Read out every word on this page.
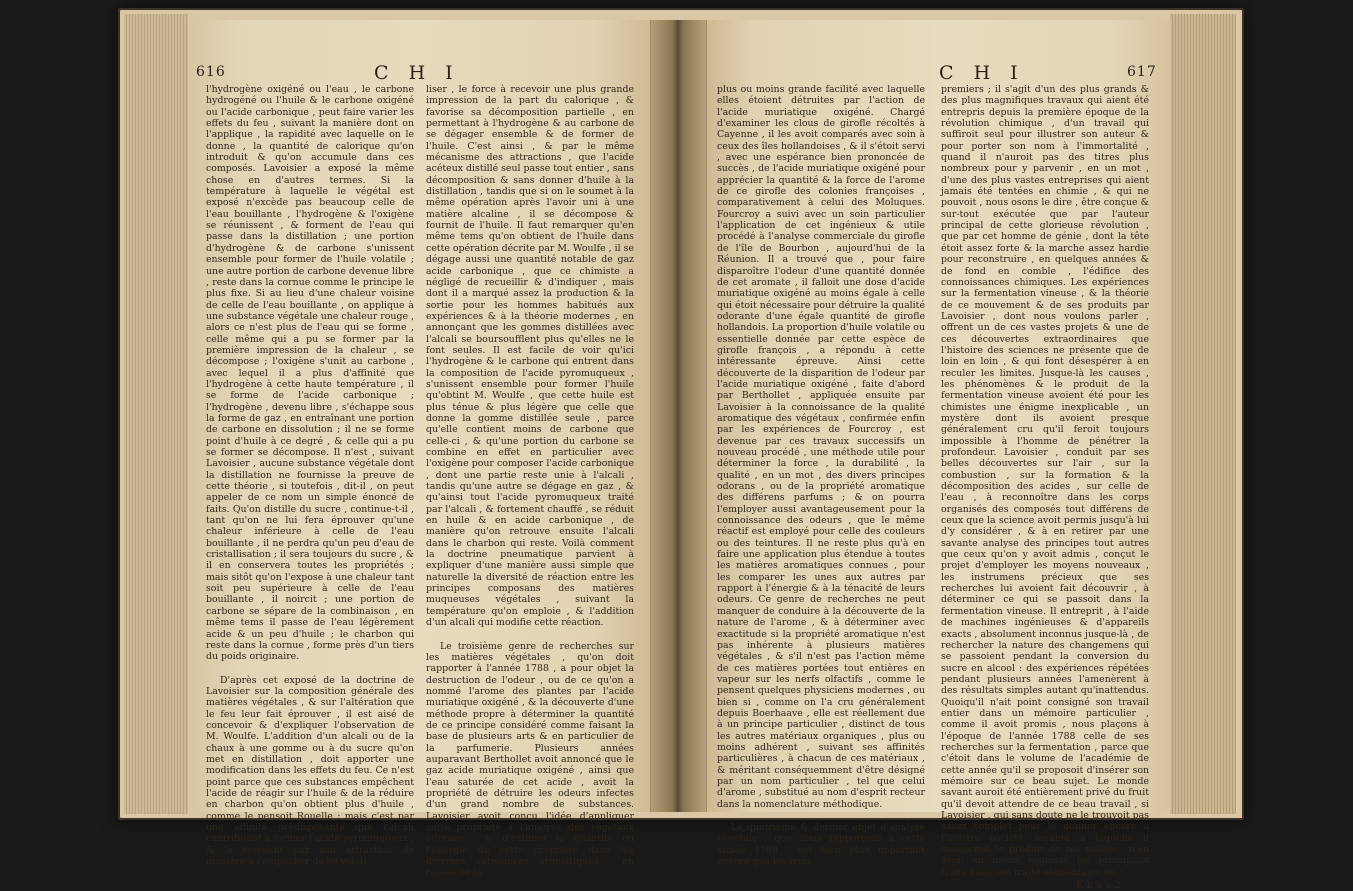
616	C H I

l'hydrogène oxigéné ou l'eau , le carbone hydrogéné ou l'huile & le carbone oxigéné ou l'acide carbonique , peut faire varier les effets du feu , suivant la manière dont on l'applique , la rapidité avec laquelle on le donne , la quantité de calorique qu'on introduit & qu'on accumule dans ces composés. Lavoisier a exposé la même chose en d'autres termes. Si la température à laquelle le végétal est exposé n'excède pas beaucoup celle de l'eau bouillante , l'hydrogène & l'oxigène se réunissent , & forment de l'eau qui passe dans la distillation ; une portion d'hydrogène & de carbone s'unissent ensemble pour former de l'huile volatile ; une autre portion de carbone devenue libre , reste dans la cornue comme le principe le plus fixe. Si au lieu d'une chaleur voisine de celle de l'eau bouillante , on applique à une substance végétale une chaleur rouge , alors ce n'est plus de l'eau qui se forme , celle même qui a pu se former par la première impression de la chaleur , se décompose ; l'oxigène s'unit au carbone , avec lequel il a plus d'affinité que l'hydrogène à cette haute température , il se forme de l'acide carbonique ; l'hydrogène , devenu libre , s'échappe sous la forme de gaz , en entraînant une portion de carbone en dissolution ; il ne se forme point d'huile à ce degré , & celle qui a pu se former se décompose. Il n'est , suivant Lavoisier , aucune substance végétale dont la distillation ne fournisse la preuve de cette théorie , si toutefois , dit-il , on peut appeler de ce nom un simple énoncé de faits. Qu'on distille du sucre , continue-t-il , tant qu'on ne lui fera éprouver qu'une chaleur inférieure à celle de l'eau bouillante , il ne perdra qu'un peu d'eau de cristallisation ; il sera toujours du sucre , & il en conservera toutes les propriétés ; mais sitôt qu'on l'expose à une chaleur tant soit peu supérieure à celle de l'eau bouillante , il noircit ; une portion de carbone se sépare de la combinaison , en même tems il passe de l'eau légèrement acide & un peu d'huile ; le charbon qui reste dans la cornue , forme près d'un tiers du poids originaire.

D'après cet exposé de la doctrine de Lavoisier sur la composition générale des matières végétales , & sur l'altération que le feu leur fait éprouver , il est aisé de concevoir & d'expliquer l'observation de M. Woulfe. L'addition d'un alcali ou de la chaux à une gomme ou à du sucre qu'on met en distillation , doit apporter une modification dans les effets du feu. Ce n'est point parce que ces substances empêchent l'acide de réagir sur l'huile & de la réduire en charbon qu'on obtient plus d'huile , comme le pensoit Rouelle ; mais c'est par une affinité prédisposante que l'alcali contribuant à former l'acide pyromuqueux , & le retenant par son attraction de manière à l'empêcher de se volati-

liser , le force à recevoir une plus grande impression de la part du calorique , & favorise sa décomposition partielle , en permettant à l'hydrogène & au carbone de se dégager ensemble & de former de l'huile. C'est ainsi , & par le même mécanisme des attractions , que l'acide acéteux distillé seul passe tout entier , sans décomposition & sans donner d'huile à la distillation , tandis que si on le soumet à la même opération après l'avoir uni à une matière alcaline , il se décompose & fournit de l'huile. Il faut remarquer qu'en même tems qu'on obtient de l'huile dans cette opération décrite par M. Woulfe , il se dégage aussi une quantité notable de gaz acide carbonique , que ce chimiste a négligé de recueillir & d'indiquer , mais dont il a marqué assez la production & la sortie pour les hommes habitués aux expériences & à la théorie modernes , en annonçant que les gommes distillées avec l'alcali se boursoufflent plus qu'elles ne le font seules. Il est facile de voir qu'ici l'hydrogène & le carbone qui entrent dans la composition de l'acide pyromuqueux , s'unissent ensemble pour former l'huile qu'obtint M. Woulfe , que cette huile est plus ténue & plus légère que celle que donne la gomme distillée seule , parce qu'elle contient moins de carbone que celle-ci , & qu'une portion du carbone se combine en effet en particulier avec l'oxigène pour composer l'acide carbonique , dont une partie reste unie à l'alcali , tandis qu'une autre se dégage en gaz , & qu'ainsi tout l'acide pyromuqueux traité par l'alcali , & fortement chauffé , se réduit en huile & en acide carbonique , de manière qu'on retrouve ensuite l'alcali dans le charbon qui reste. Voilà comment la doctrine pneumatique parvient à expliquer d'une manière aussi simple que naturelle la diversité de réaction entre les principes composans des matières muqueuses végétales , suivant la température qu'on emploie , & l'addition d'un alcali qui modifie cette réaction.

Le troisième genre de recherches sur les matières végétales , qu'on doit rapporter à l'année 1788 , a pour objet la destruction de l'odeur , ou de ce qu'on a nommé l'arome des plantes par l'acide muriatique oxigéné , & la découverte d'une méthode propre à déterminer la quantité de ce principe considéré comme faisant la base de plusieurs arts & en particulier de la parfumerie. Plusieurs années auparavant Berthollet avoit annoncé que le gaz acide muriatique oxigéné , ainsi que l'eau saturée de cet acide , avoit la propriété de détruire les odeurs infectes d'un grand nombre de substances. Lavoisier avoit conçu l'idée d'appliquer cette propriété à l'analyse des végétaux odorans , & d'estimer la quantité ou l'énergie de cette propriété dans les diverses substances aromatiques , en raison de la

C H I	617

plus ou moins grande facilité avec laquelle elles étoient détruites par l'action de l'acide muriatique oxigéné. Chargé d'examiner les clous de girofle récoltés à Cayenne , il les avoit comparés avec soin à ceux des îles hollandoises , & il s'étoit servi , avec une espérance bien prononcée de succès , de l'acide muriatique oxigéné pour apprécier la quantité & la force de l'arome de ce girofle des colonies françoises , comparativement à celui des Moluques. Fourcroy a suivi avec un soin particulier l'application de cet ingénieux & utile procédé à l'analyse commerciale du girofle de l'île de Bourbon , aujourd'hui de la Réunion. Il a trouvé que , pour faire disparoître l'odeur d'une quantité donnée de cet aromate , il falloit une dose d'acide muriatique oxigéné au moins égale à celle qui étoit nécessaire pour détruire la qualité odorante d'une égale quantité de girofle hollandois. La proportion d'huile volatile ou essentielle donnée par cette espèce de girofle françois , a répondu à cette intéressante épreuve. Ainsi cette découverte de la disparition de l'odeur par l'acide muriatique oxigéné , faite d'abord par Berthollet , appliquée ensuite par Lavoisier à la connoissance de la qualité aromatique des végétaux , confirmée enfin par les expériences de Fourcroy , est devenue par ces travaux successifs un nouveau procédé , une méthode utile pour déterminer la force , la durabilité , la qualité , en un mot , des divers principes odorans , ou de la propriété aromatique des différens parfums ; & on pourra l'employer aussi avantageusement pour la connoissance des odeurs , que le même réactif est employé pour celle des couleurs ou des teintures. Il ne reste plus qu'à en faire une application plus étendue à toutes les matières aromatiques connues , pour les comparer les unes aux autres par rapport à l'énergie & à la ténacité de leurs odeurs. Ce genre de recherches ne peut manquer de conduire à la découverte de la nature de l'arome , & à déterminer avec exactitude si la propriété aromatique n'est pas inhérente à plusieurs matières végétales , & s'il n'est pas l'action même de ces matières portées tout entières en vapeur sur les nerfs olfactifs , comme le pensent quelques physiciens modernes , ou bien si , comme on l'a cru généralement depuis Boerhaave , elle est réellement due à un principe particulier , distinct de tous les autres matériaux organiques , plus ou moins adhérent , suivant ses affinités particulières , à chacun de ces matériaux , & méritant conséquemment d'être désigné par un nom particulier , tel que celui d'arome , substitué au nom d'esprit recteur dans la nomenclature méthodique.

Le quatrième & dernier objet d'analyse végétale , que nous rapportons à cette année 1788 , est bien plus important encore que les trois

premiers ; il s'agit d'un des plus grands & des plus magnifiques travaux qui aient été entrepris depuis la première époque de la révolution chimique , d'un travail qui suffiroit seul pour illustrer son auteur & pour porter son nom à l'immortalité , quand il n'auroit pas des titres plus nombreux pour y parvenir , en un mot , d'une des plus vastes entreprises qui aient jamais été tentées en chimie , & qui ne pouvoit , nous osons le dire , être conçue & sur-tout exécutée que par l'auteur principal de cette glorieuse révolution , que par cet homme de génie , dont la tête étoit assez forte & la marche assez hardie pour reconstruire , en quelques années & de fond en comble , l'édifice des connoissances chimiques. Les expériences sur la fermentation vineuse , & la théorie de ce mouvement & de ses produits par Lavoisier , dont nous voulons parler , offrent un de ces vastes projets & une de ces découvertes extraordinaires que l'histoire des sciences ne présente que de loin en loin , & qui font désespérer à en reculer les limites. Jusque-là les causes , les phénomènes & le produit de la fermentation vineuse avoient été pour les chimistes une énigme inexplicable , un mystère dont ils avoient presque généralement cru qu'il feroit toujours impossible à l'homme de pénétrer la profondeur. Lavoisier , conduit par ses belles découvertes sur l'air , sur la combustion , sur la formation & la décomposition des acides , sur celle de l'eau , à reconnoître dans les corps organisés des composés tout différens de ceux que la science avoit permis jusqu'à lui d'y considérer , & à en retirer par une savante analyse des principes tout autres que ceux qu'on y avoit admis , conçut le projet d'employer les moyens nouveaux , les instrumens précieux que ses recherches lui avoient fait découvrir , à déterminer ce qui se passoit dans la fermentation vineuse. Il entreprit , à l'aide de machines ingénieuses & d'appareils exacts , absolument inconnus jusque-là , de rechercher la nature des changemens qui se passoient pendant la conversion du sucre en alcool : des expériences répétées pendant plusieurs années l'amenèrent à des résultats simples autant qu'inattendus. Quoiqu'il n'ait point consigné son travail entier dans un mémoire particulier , comme il avoit promis , nous plaçons à l'époque de l'année 1788 celle de ses recherches sur la fermentation , parce que c'étoit dans le volume de l'académie de cette année qu'il se proposoit d'insérer son mémoire sur ce beau sujet. Le monde savant auroit été entièrement privé du fruit qu'il devoit attendre de ce beau travail , si Lavoisier , qui sans doute ne le trouvoit pas assez complet pour le donner encore à l'illustre société savante à laquelle il consacroit le produit de ses veilles , n'en avoit au moins esquissé les principaux traits dans son traité élémentaire de

K k k k 2
